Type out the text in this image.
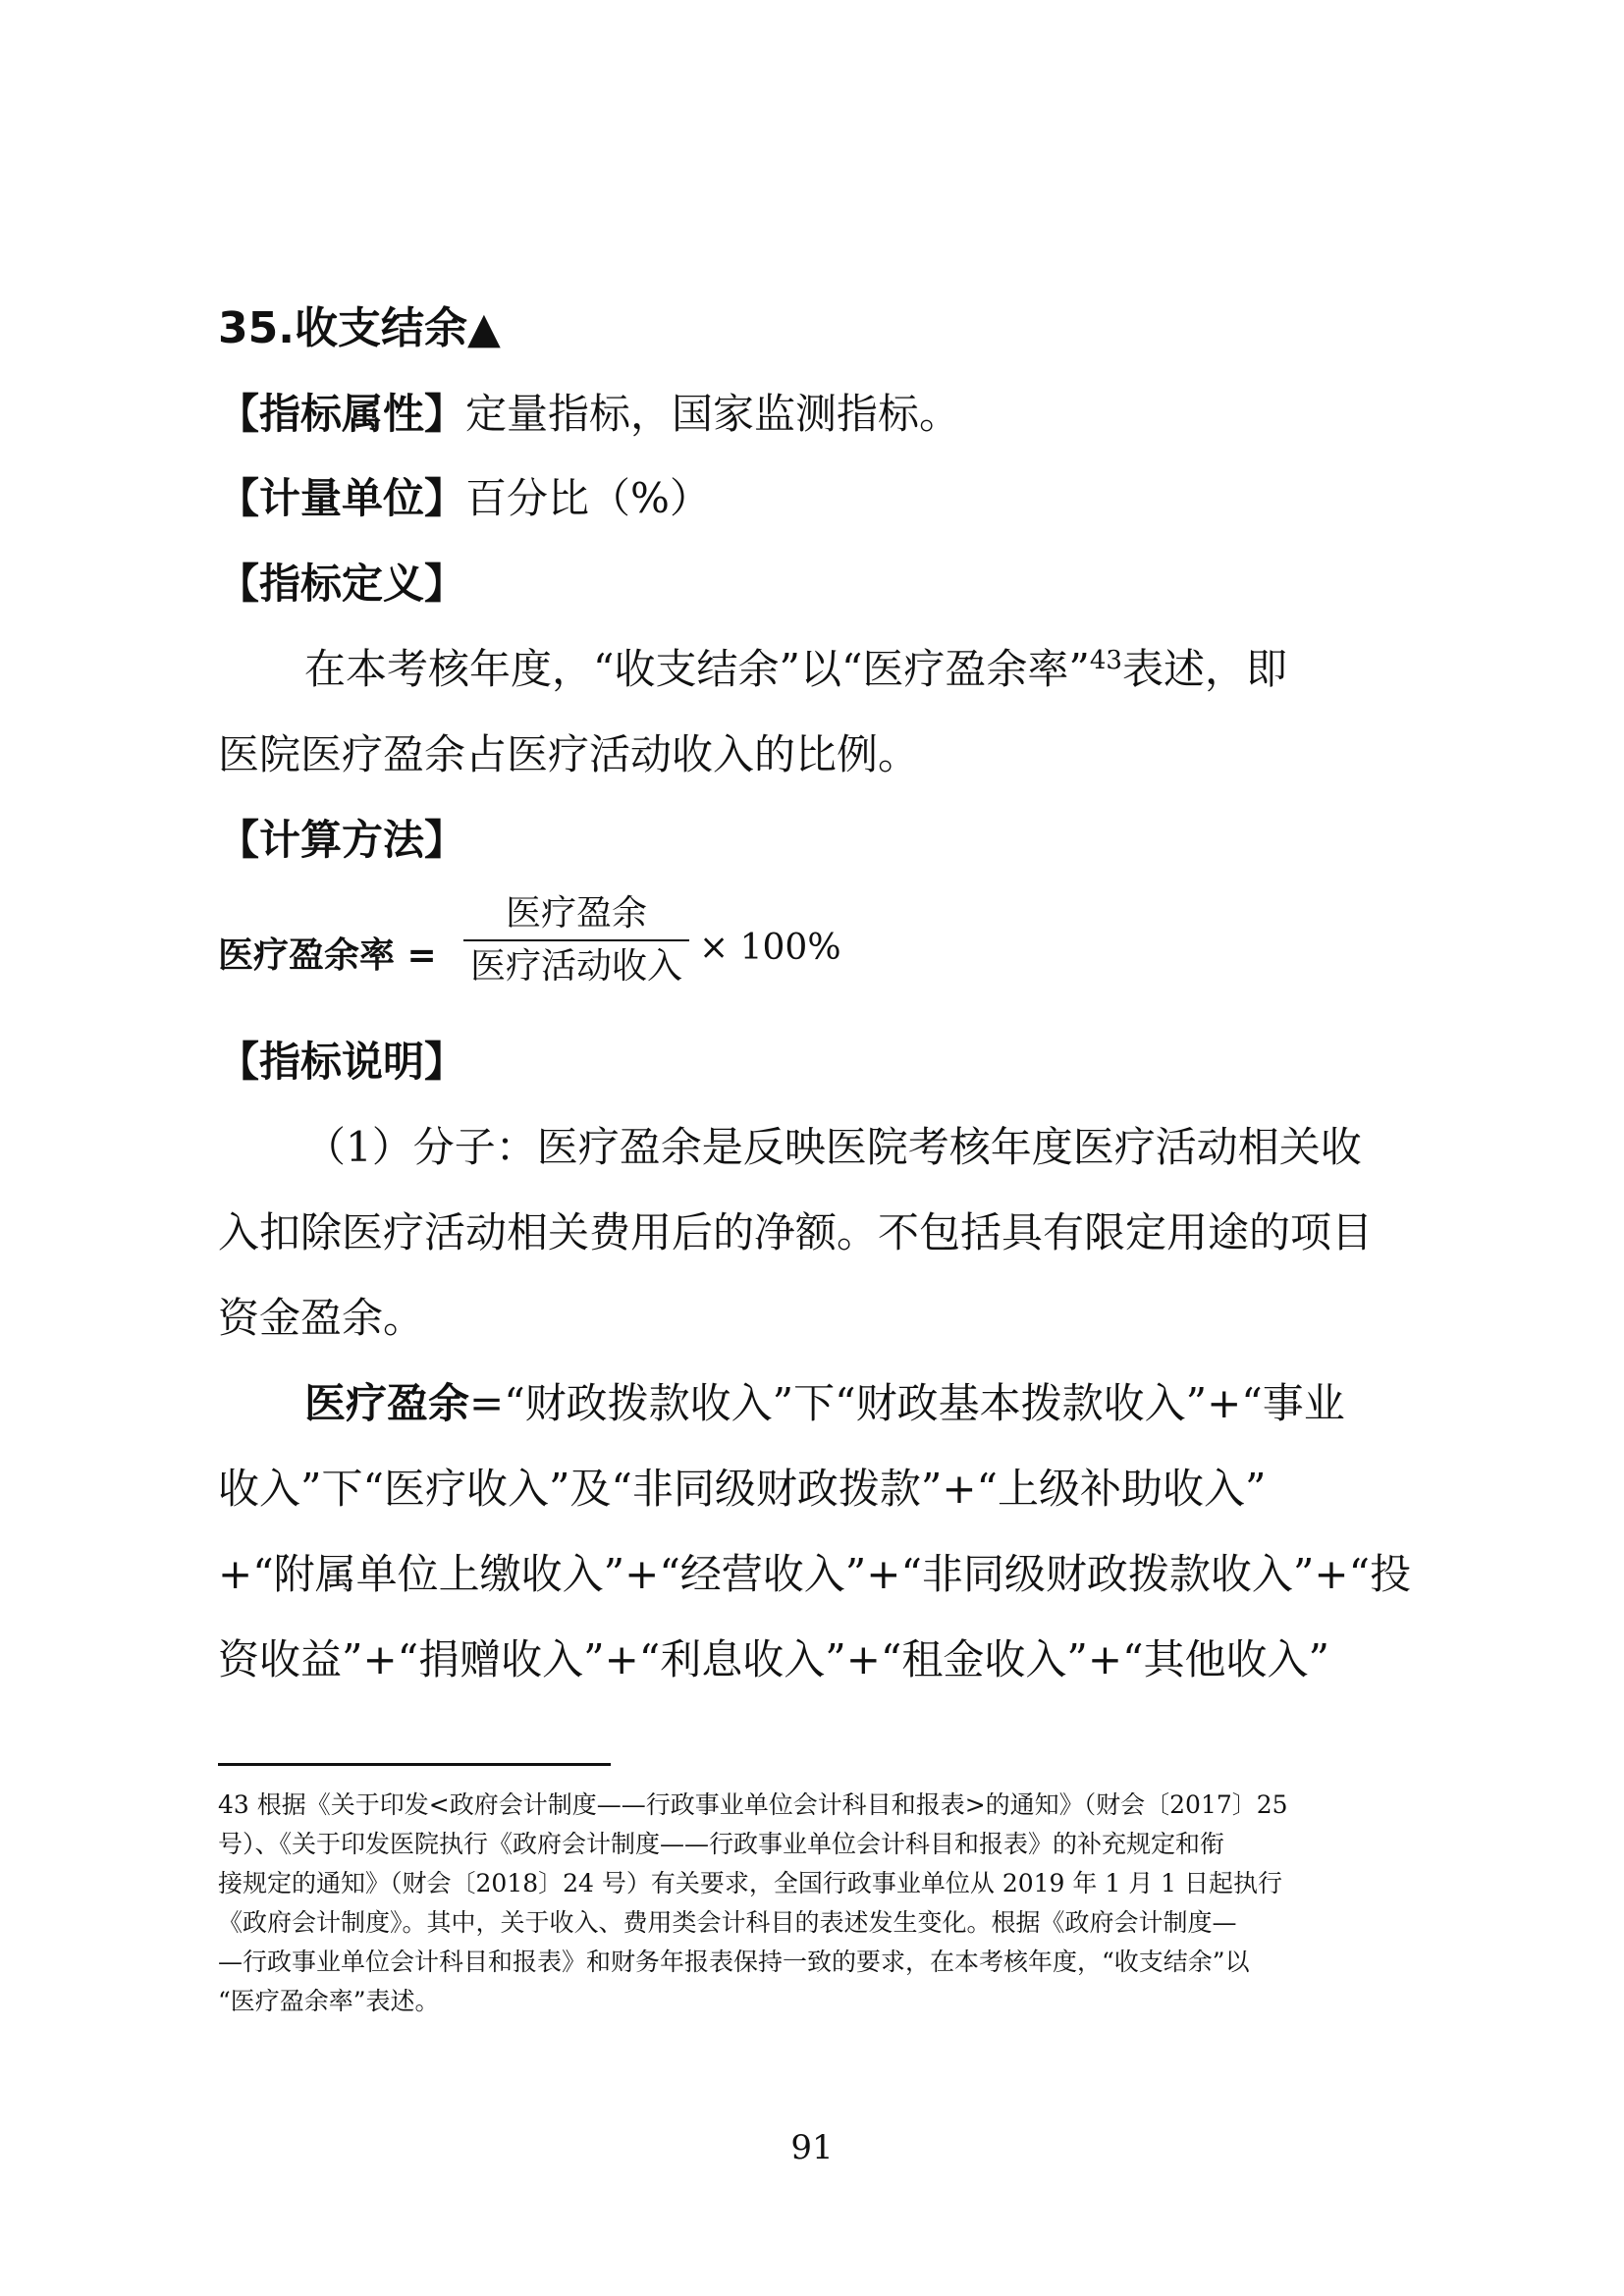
35.收支结余▲
【指标属性】定量指标，国家监测指标。
【计量单位】百分比（%）
【指标定义】
在本考核年度，“收支结余”以“医疗盈余率”$^{43}$表述，即
医院医疗盈余占医疗活动收入的比例。
【计算方法】
医疗盈余率 =
医疗盈余
医疗活动收入 × 100%
【指标说明】
（1）分子：医疗盈余是反映医院考核年度医疗活动相关收
入扣除医疗活动相关费用后的净额。不包括具有限定用途的项目
资金盈余。
医疗盈余=“财政拨款收入”下“财政基本拨款收入”+“事业
收入”下“医疗收入”及“非同级财政拨款”+“上级补助收入”
+“附属单位上缴收入”+“经营收入”+“非同级财政拨款收入”+“投
资收益”+“捐赠收入”+“利息收入”+“租金收入”+“其他收入”
43 根据《关于印发<政府会计制度——行政事业单位会计科目和报表>的通知》（财会〔2017〕25
号）、《关于印发医院执行《政府会计制度——行政事业单位会计科目和报表》的补充规定和衔
接规定的通知》（财会〔2018〕24 号）有关要求，全国行政事业单位从 2019 年 1 月 1 日起执行
《政府会计制度》。其中，关于收入、费用类会计科目的表述发生变化。根据《政府会计制度—
—行政事业单位会计科目和报表》和财务年报表保持一致的要求，在本考核年度，“收支结余”以
“医疗盈余率”表述。
91
